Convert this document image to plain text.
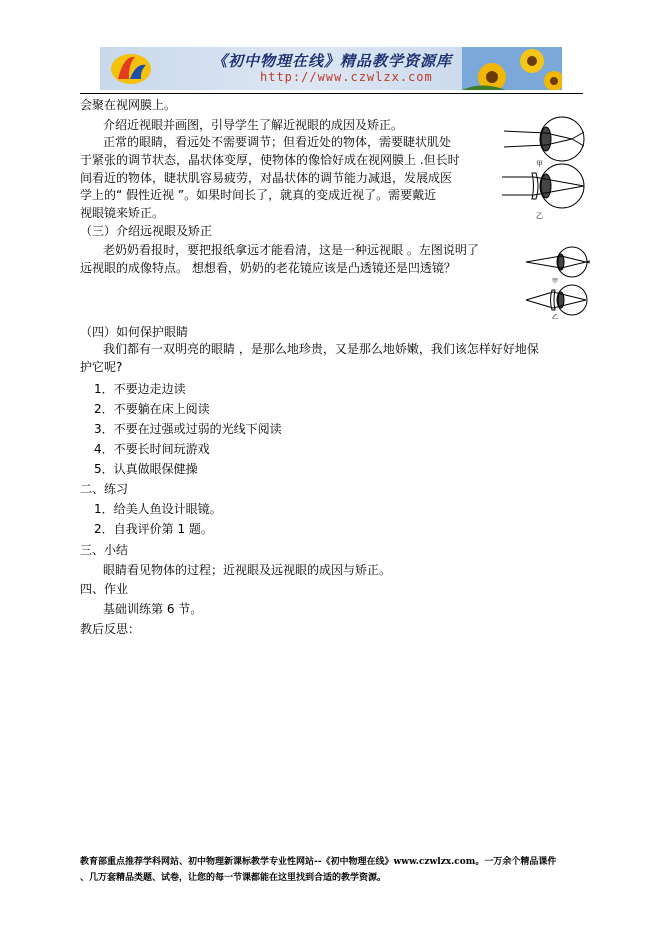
《初中物理在线》精品教学资源库
http://www.czwlzx.com
会聚在视网膜上。
介绍近视眼并画图，引导学生了解近视眼的成因及矫正。
正常的眼睛，看远处不需要调节；但看近处的物体，需要睫状肌处
于紧张的调节状态，晶状体变厚，使物体的像恰好成在视网膜上 .但长时
间看近的物体，睫状肌容易疲劳，对晶状体的调节能力减退，发展成医
学上的“ 假性近视 ”。如果时间长了，就真的变成近视了。需要戴近
视眼镜来矫正。
（三）介绍远视眼及矫正
老奶奶看报时，要把报纸拿远才能看清，这是一种远视眼 。左图说明了
远视眼的成像特点。 想想看，奶奶的老花镜应该是凸透镜还是凹透镜？
（四）如何保护眼睛
我们都有一双明亮的眼睛 ，是那么地珍贵，又是那么地娇嫩，我们该怎样好好地保
护它呢?
1．不要边走边读
2．不要躺在床上阅读
3．不要在过强或过弱的光线下阅读
4．不要长时间玩游戏
5．认真做眼保健操
二、练习
1．给美人鱼设计眼镜。
2．自我评价第 1 题。
三、小结
眼睛看见物体的过程；近视眼及远视眼的成因与矫正。
四、作业
基础训练第 6 节。
教后反思：
甲
乙
甲
乙
教育部重点推荐学科网站、初中物理新课标教学专业性网站--《初中物理在线》www.czwlzx.com。一万余个精品课件
、几万套精品类题、试卷，让您的每一节课都能在这里找到合适的教学资源。
